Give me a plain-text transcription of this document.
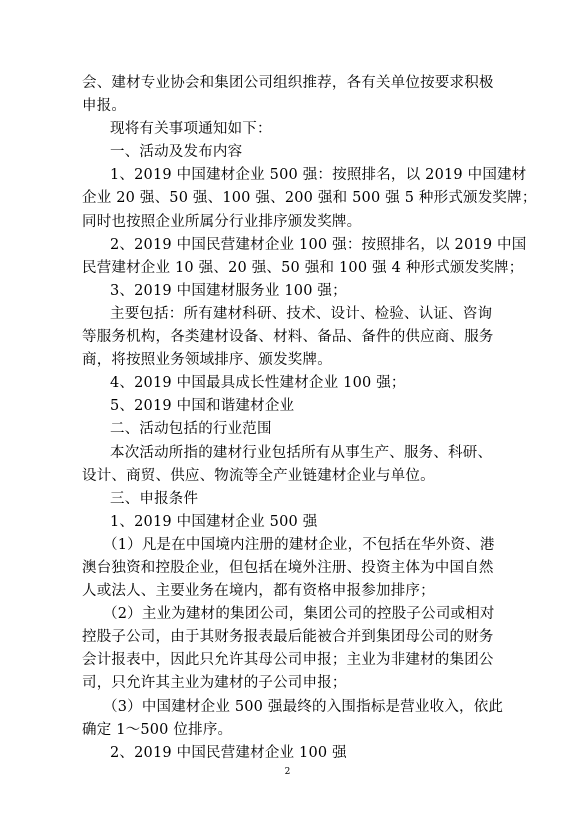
会、建材专业协会和集团公司组织推荐，各有关单位按要求积极
申报。
现将有关事项通知如下：
一、活动及发布内容
1、2019 中国建材企业 500 强：按照排名，以 2019 中国建材
企业 20 强、50 强、100 强、200 强和 500 强 5 种形式颁发奖牌；
同时也按照企业所属分行业排序颁发奖牌。
2、2019 中国民营建材企业 100 强：按照排名，以 2019 中国
民营建材企业 10 强、20 强、50 强和 100 强 4 种形式颁发奖牌；
3、2019 中国建材服务业 100 强；
主要包括：所有建材科研、技术、设计、检验、认证、咨询
等服务机构，各类建材设备、材料、备品、备件的供应商、服务
商，将按照业务领域排序、颁发奖牌。
4、2019 中国最具成长性建材企业 100 强；
5、2019 中国和谐建材企业
二、活动包括的行业范围
本次活动所指的建材行业包括所有从事生产、服务、科研、
设计、商贸、供应、物流等全产业链建材企业与单位。
三、申报条件
1、2019 中国建材企业 500 强
（1）凡是在中国境内注册的建材企业，不包括在华外资、港
澳台独资和控股企业，但包括在境外注册、投资主体为中国自然
人或法人、主要业务在境内，都有资格申报参加排序；
（2）主业为建材的集团公司，集团公司的控股子公司或相对
控股子公司，由于其财务报表最后能被合并到集团母公司的财务
会计报表中，因此只允许其母公司申报；主业为非建材的集团公
司，只允许其主业为建材的子公司申报；
（3）中国建材企业 500 强最终的入围指标是营业收入，依此
确定 1～500 位排序。
2、2019 中国民营建材企业 100 强
2
